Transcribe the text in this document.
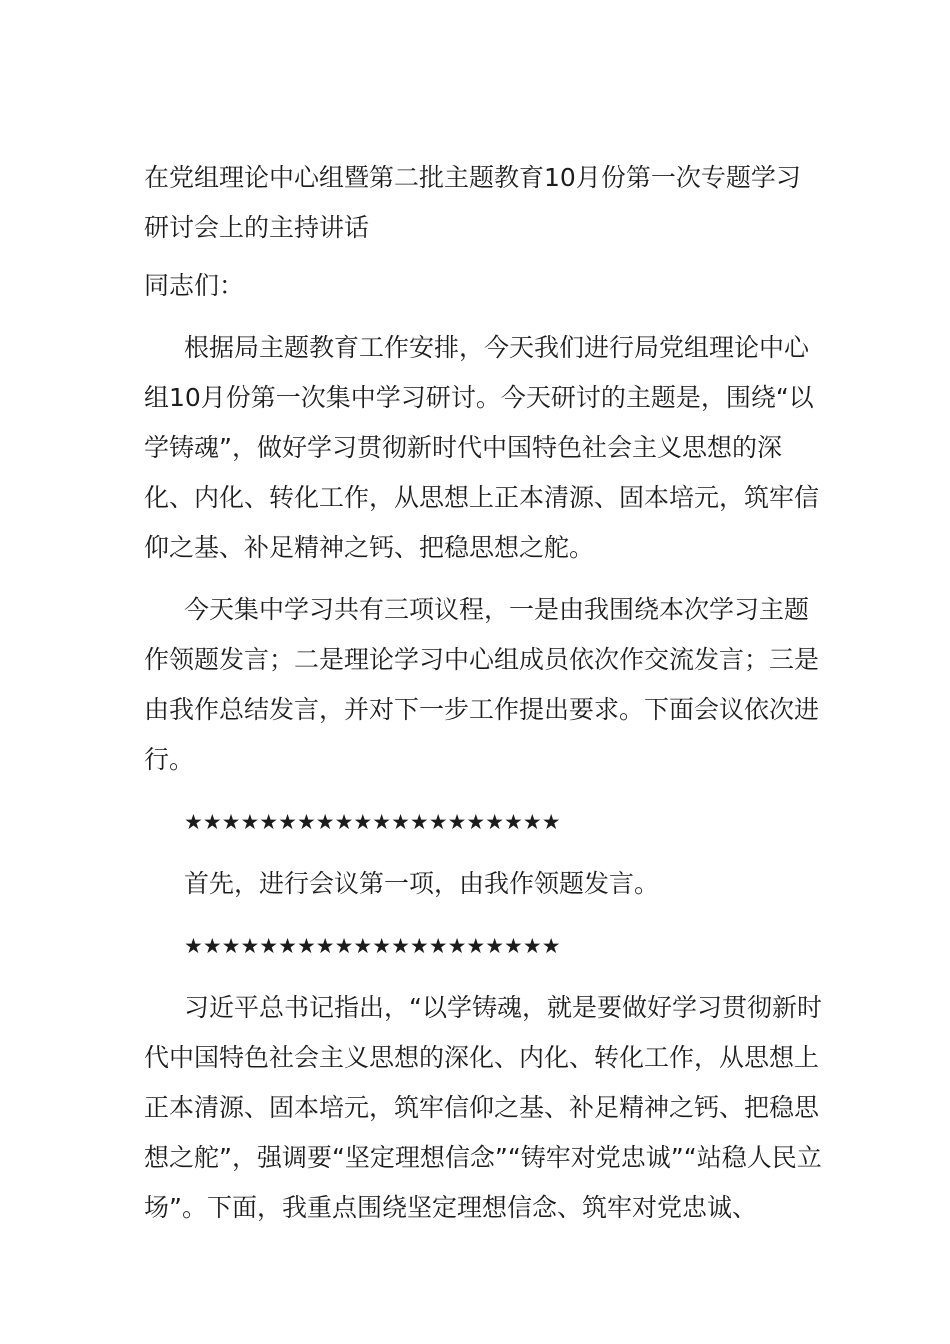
在党组理论中心组暨第二批主题教育10月份第一次专题学习研讨会上的主持讲话
同志们：
根据局主题教育工作安排，今天我们进行局党组理论中心组10月份第一次集中学习研讨。今天研讨的主题是，围绕“以学铸魂”，做好学习贯彻新时代中国特色社会主义思想的深化、内化、转化工作，从思想上正本清源、固本培元，筑牢信仰之基、补足精神之钙、把稳思想之舵。
今天集中学习共有三项议程，一是由我围绕本次学习主题作领题发言；二是理论学习中心组成员依次作交流发言；三是由我作总结发言，并对下一步工作提出要求。下面会议依次进行。
★★★★★★★★★★★★★★★★★★★★
首先，进行会议第一项，由我作领题发言。
★★★★★★★★★★★★★★★★★★★★
习近平总书记指出，“以学铸魂，就是要做好学习贯彻新时代中国特色社会主义思想的深化、内化、转化工作，从思想上正本清源、固本培元，筑牢信仰之基、补足精神之钙、把稳思想之舵”，强调要“坚定理想信念”“铸牢对党忠诚”“站稳人民立场”。下面，我重点围绕坚定理想信念、筑牢对党忠诚、
